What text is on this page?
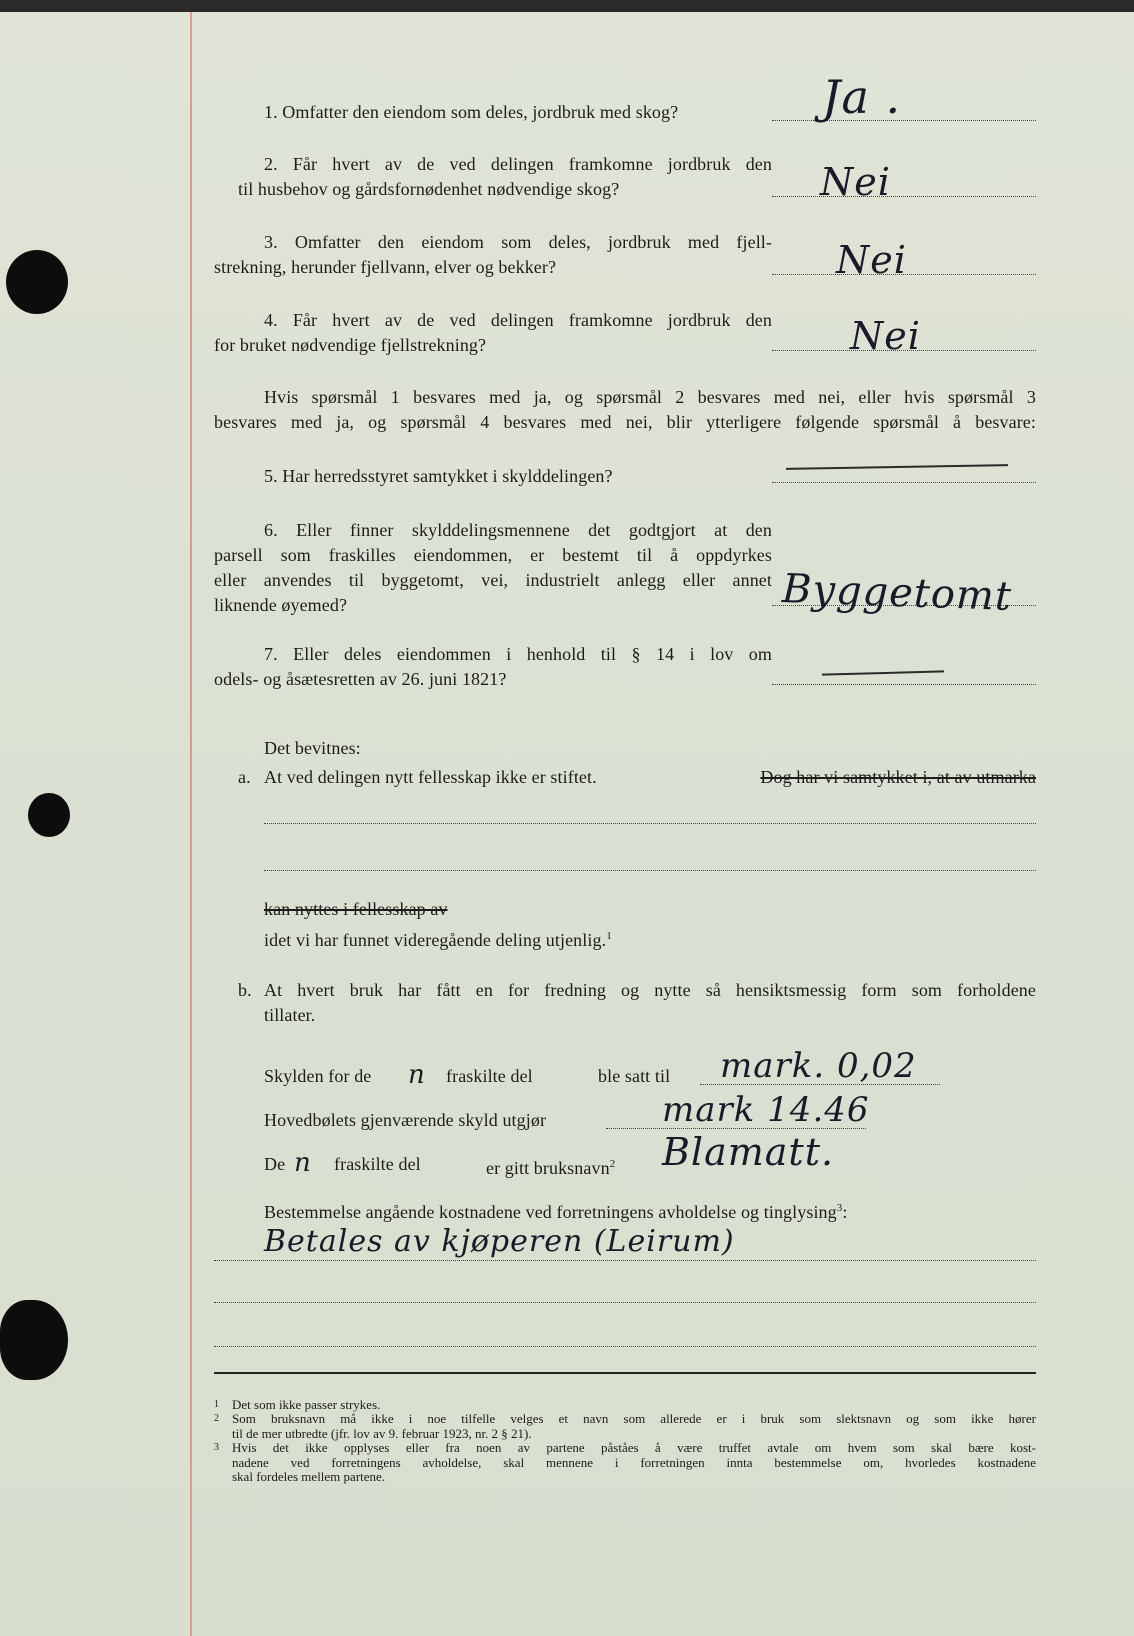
1. Omfatter den eiendom som deles, jordbruk med skog?	Ja .
2. Får hvert av de ved delingen framkomne jordbruk den
til husbehov og gårdsfornødenhet nødvendige skog?	Nei
3. Omfatter den eiendom som deles, jordbruk med fjell-
strekning, herunder fjellvann, elver og bekker?	Nei
4. Får hvert av de ved delingen framkomne jordbruk den
for bruket nødvendige fjellstrekning?	Nei
Hvis spørsmål 1 besvares med ja, og spørsmål 2 besvares med nei, eller hvis spørsmål 3
besvares med ja, og spørsmål 4 besvares med nei, blir ytterligere følgende spørsmål å besvare:
5. Har herredsstyret samtykket i skylddelingen?
6. Eller finner skylddelingsmennene det godtgjort at den
parsell som fraskilles eiendommen, er bestemt til å oppdyrkes
eller anvendes til byggetomt, vei, industrielt anlegg eller annet
liknende øyemed?	Byggetomt
7. Eller deles eiendommen i henhold til § 14 i lov om
odels- og åsætesretten av 26. juni 1821?
Det bevitnes:
a. At ved delingen nytt fellesskap ikke er stiftet.	Dog har vi samtykket i, at av utmarka
kan nyttes i fellesskap av
idet vi har funnet videregående deling utjenlig.$^1$
b. At hvert bruk har fått en for fredning og nytte så hensiktsmessig form som forholdene
tillater.
Skylden for de n fraskilte del	ble satt til mark. 0,02
Hovedbølets gjenværende skyld utgjør	mark 14.46
De n fraskilte del	er gitt bruksnavn$^2$ Blamatt.
Bestemmelse angående kostnadene ved forretningens avholdelse og tinglysing$^3$:
Betales av kjøperen (Leirum)
1	Det som ikke passer strykes.
2	Som bruksnavn må ikke i noe tilfelle velges et navn som allerede er i bruk som slektsnavn og som ikke hører
til de mer utbredte (jfr. lov av 9. februar 1923, nr. 2 § 21).
3	Hvis det ikke opplyses eller fra noen av partene påståes å være truffet avtale om hvem som skal bære kost-
nadene ved forretningens avholdelse, skal mennene i forretningen innta bestemmelse om, hvorledes kostnadene
skal fordeles mellem partene.
